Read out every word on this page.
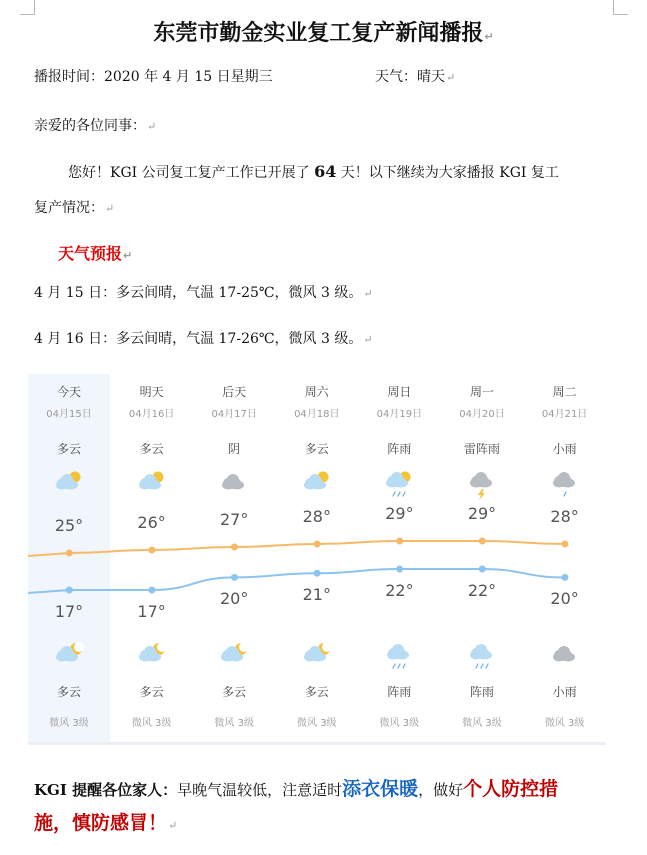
东莞市勤金实业复工复产新闻播报↵
播报时间：2020 年 4 月 15 日星期三	天气：晴天↵
亲爱的各位同事：↵
您好！KGI 公司复工复产工作已开展了 64 天！以下继续为大家播报 KGI 复工
复产情况：↵
天气预报↵
4 月 15 日：多云间晴，气温 17-25℃，微风 3 级。↵
4 月 16 日：多云间晴，气温 17-26℃，微风 3 级。↵
今天
04月15日
多云
25°
17°
多云
微风 3级
明天
04月16日
多云
26°
17°
多云
微风 3级
后天
04月17日
阴
27°
20°
多云
微风 3级
周六
04月18日
多云
28°
21°
多云
微风 3级
周日
04月19日
阵雨
29°
22°
阵雨
微风 3级
周一
04月20日
雷阵雨
29°
22°
阵雨
微风 3级
周二
04月21日
小雨
28°
20°
小雨
微风 3级
KGI 提醒各位家人：早晚气温较低，注意适时添衣保暖，做好个人防控措
施，慎防感冒！↵
